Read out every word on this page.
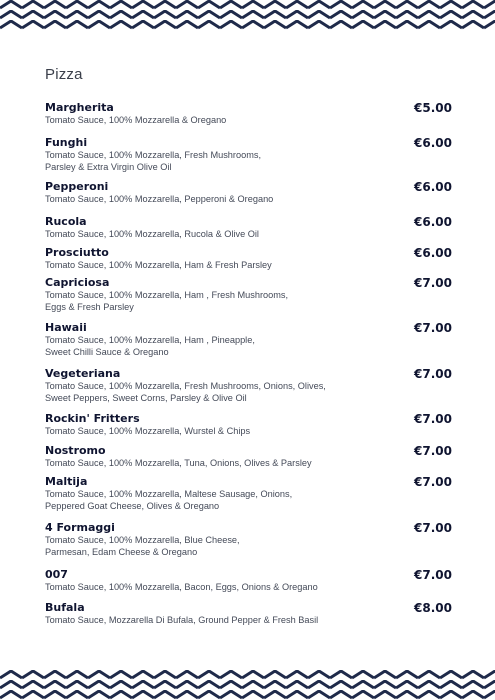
Pizza
Margherita
Tomato Sauce, 100% Mozzarella & Oregano
€5.00
Funghi
Tomato Sauce, 100% Mozzarella, Fresh Mushrooms,
Parsley & Extra Virgin Olive Oil
€6.00
Pepperoni
Tomato Sauce, 100% Mozzarella, Pepperoni & Oregano
€6.00
Rucola
Tomato Sauce, 100% Mozzarella, Rucola & Olive Oil
€6.00
Prosciutto
Tomato Sauce, 100% Mozzarella, Ham & Fresh Parsley
€6.00
Capriciosa
Tomato Sauce, 100% Mozzarella, Ham , Fresh Mushrooms,
Eggs & Fresh Parsley
€7.00
Hawaii
Tomato Sauce, 100% Mozzarella, Ham , Pineapple,
Sweet Chilli Sauce & Oregano
€7.00
Vegeteriana
Tomato Sauce, 100% Mozzarella, Fresh Mushrooms, Onions, Olives,
Sweet Peppers, Sweet Corns, Parsley & Olive Oil
€7.00
Rockin' Fritters
Tomato Sauce, 100% Mozzarella, Wurstel & Chips
€7.00
Nostromo
Tomato Sauce, 100% Mozzarella, Tuna, Onions, Olives & Parsley
€7.00
Maltija
Tomato Sauce, 100% Mozzarella, Maltese Sausage, Onions,
Peppered Goat Cheese, Olives & Oregano
€7.00
4 Formaggi
Tomato Sauce, 100% Mozzarella, Blue Cheese,
Parmesan, Edam Cheese & Oregano
€7.00
007
Tomato Sauce, 100% Mozzarella, Bacon, Eggs, Onions & Oregano
€7.00
Bufala
Tomato Sauce, Mozzarella Di Bufala, Ground Pepper & Fresh Basil
€8.00
